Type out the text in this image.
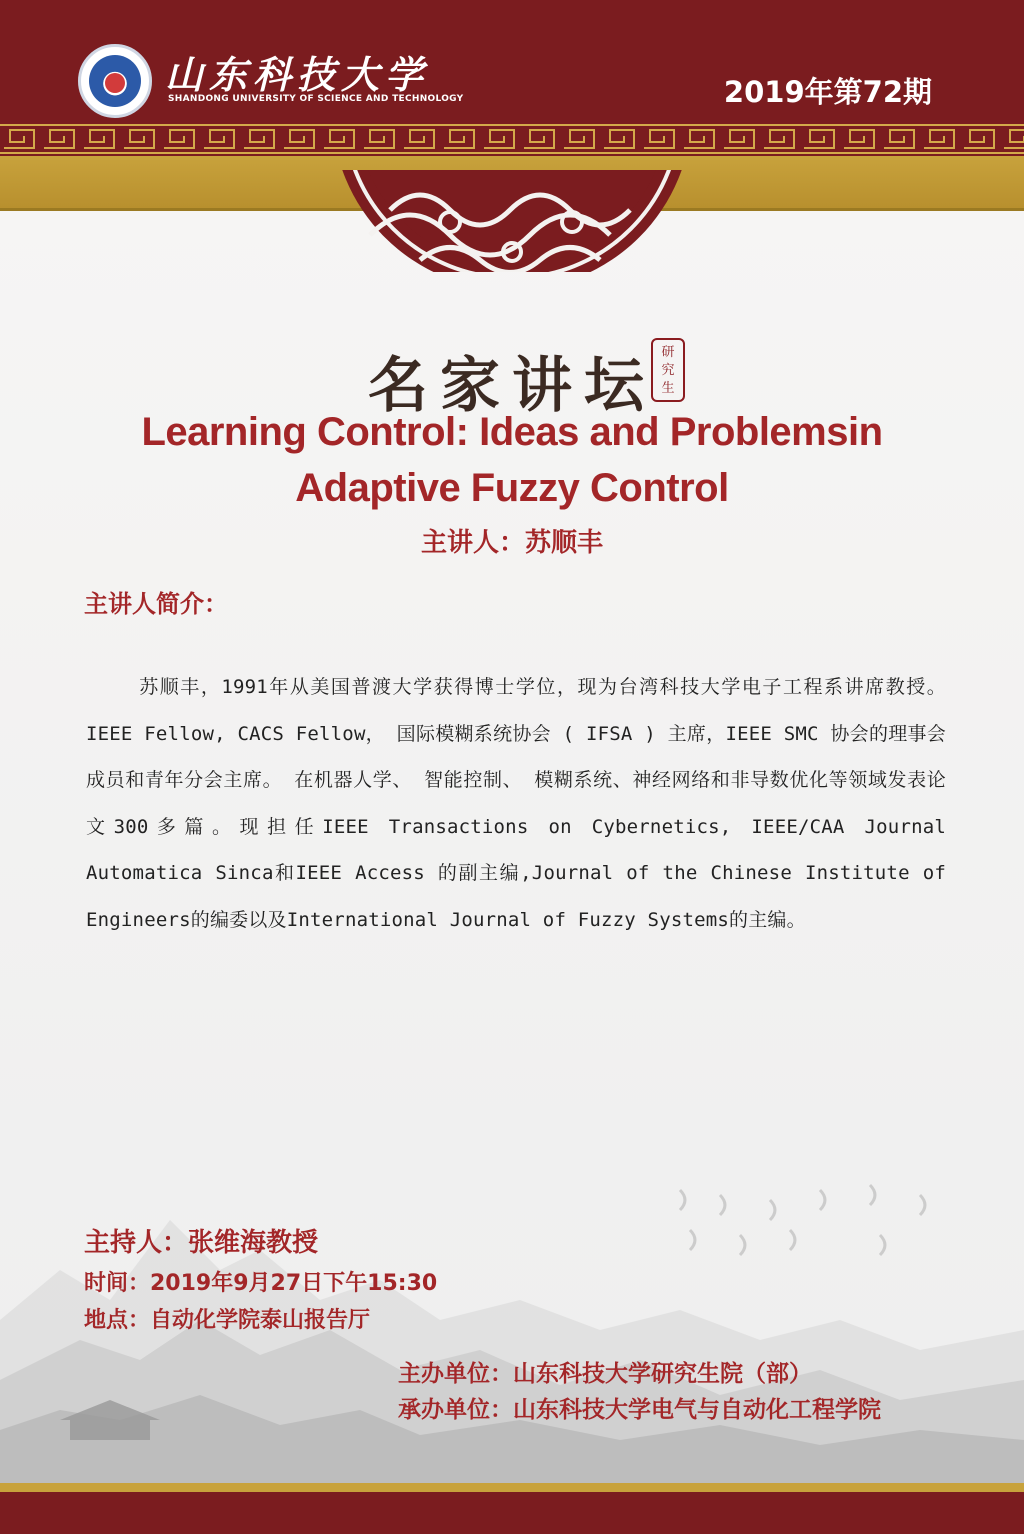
山东科技大学
SHANDONG UNIVERSITY OF SCIENCE AND TECHNOLOGY	2019年第72期
名家讲坛 研究生
Learning Control: Ideas and Problemsin Adaptive Fuzzy Control
主讲人：苏顺丰
主讲人简介：
苏顺丰，1991年从美国普渡大学获得博士学位，现为台湾科技大学电子工程系讲席教授。 IEEE Fellow, CACS Fellow， 国际模糊系统协会 ( IFSA ) 主席，IEEE SMC 协会的理事会成员和青年分会主席。 在机器人学、 智能控制、 模糊系统、神经网络和非导数优化等领域发表论文300多篇。现担任IEEE Transactions on Cybernetics, IEEE/CAA Journal Automatica Sinca和IEEE Access 的副主编,Journal of the Chinese Institute of Engineers的编委以及International Journal of Fuzzy Systems的主编。
主持人：张维海教授
时间：2019年9月27日下午15:30
地点：自动化学院泰山报告厅
主办单位：山东科技大学研究生院（部）
承办单位：山东科技大学电气与自动化工程学院
